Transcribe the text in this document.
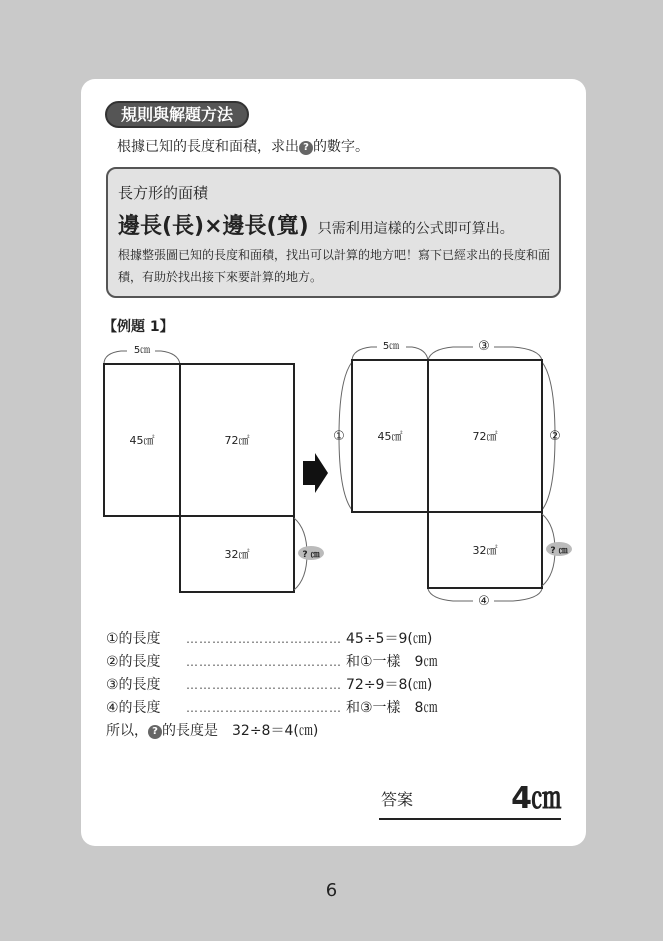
規則與解題方法
根據已知的長度和面積，求出 ? 的數字。
長方形的面積
邊長(長)×邊長(寬) 只需利用這樣的公式即可算出。
根據整張圖已知的長度和面積，找出可以計算的地方吧！寫下已經求出的長度和面積，有助於找出接下來要計算的地方。
【例題 1】
5㎝
45㎠	72㎠
32㎠	? ㎝
5㎝	③
①	②
④
45㎠	72㎠
32㎠	? ㎝
①的長度 ……………………………… 45÷5＝9(㎝)
②的長度 ……………………………… 和①一樣　9㎝
③的長度 ……………………………… 72÷9＝8(㎝)
④的長度 ……………………………… 和③一樣　8㎝
所以， ? 的長度是　 32÷8＝4(㎝)
答案	4㎝
6
